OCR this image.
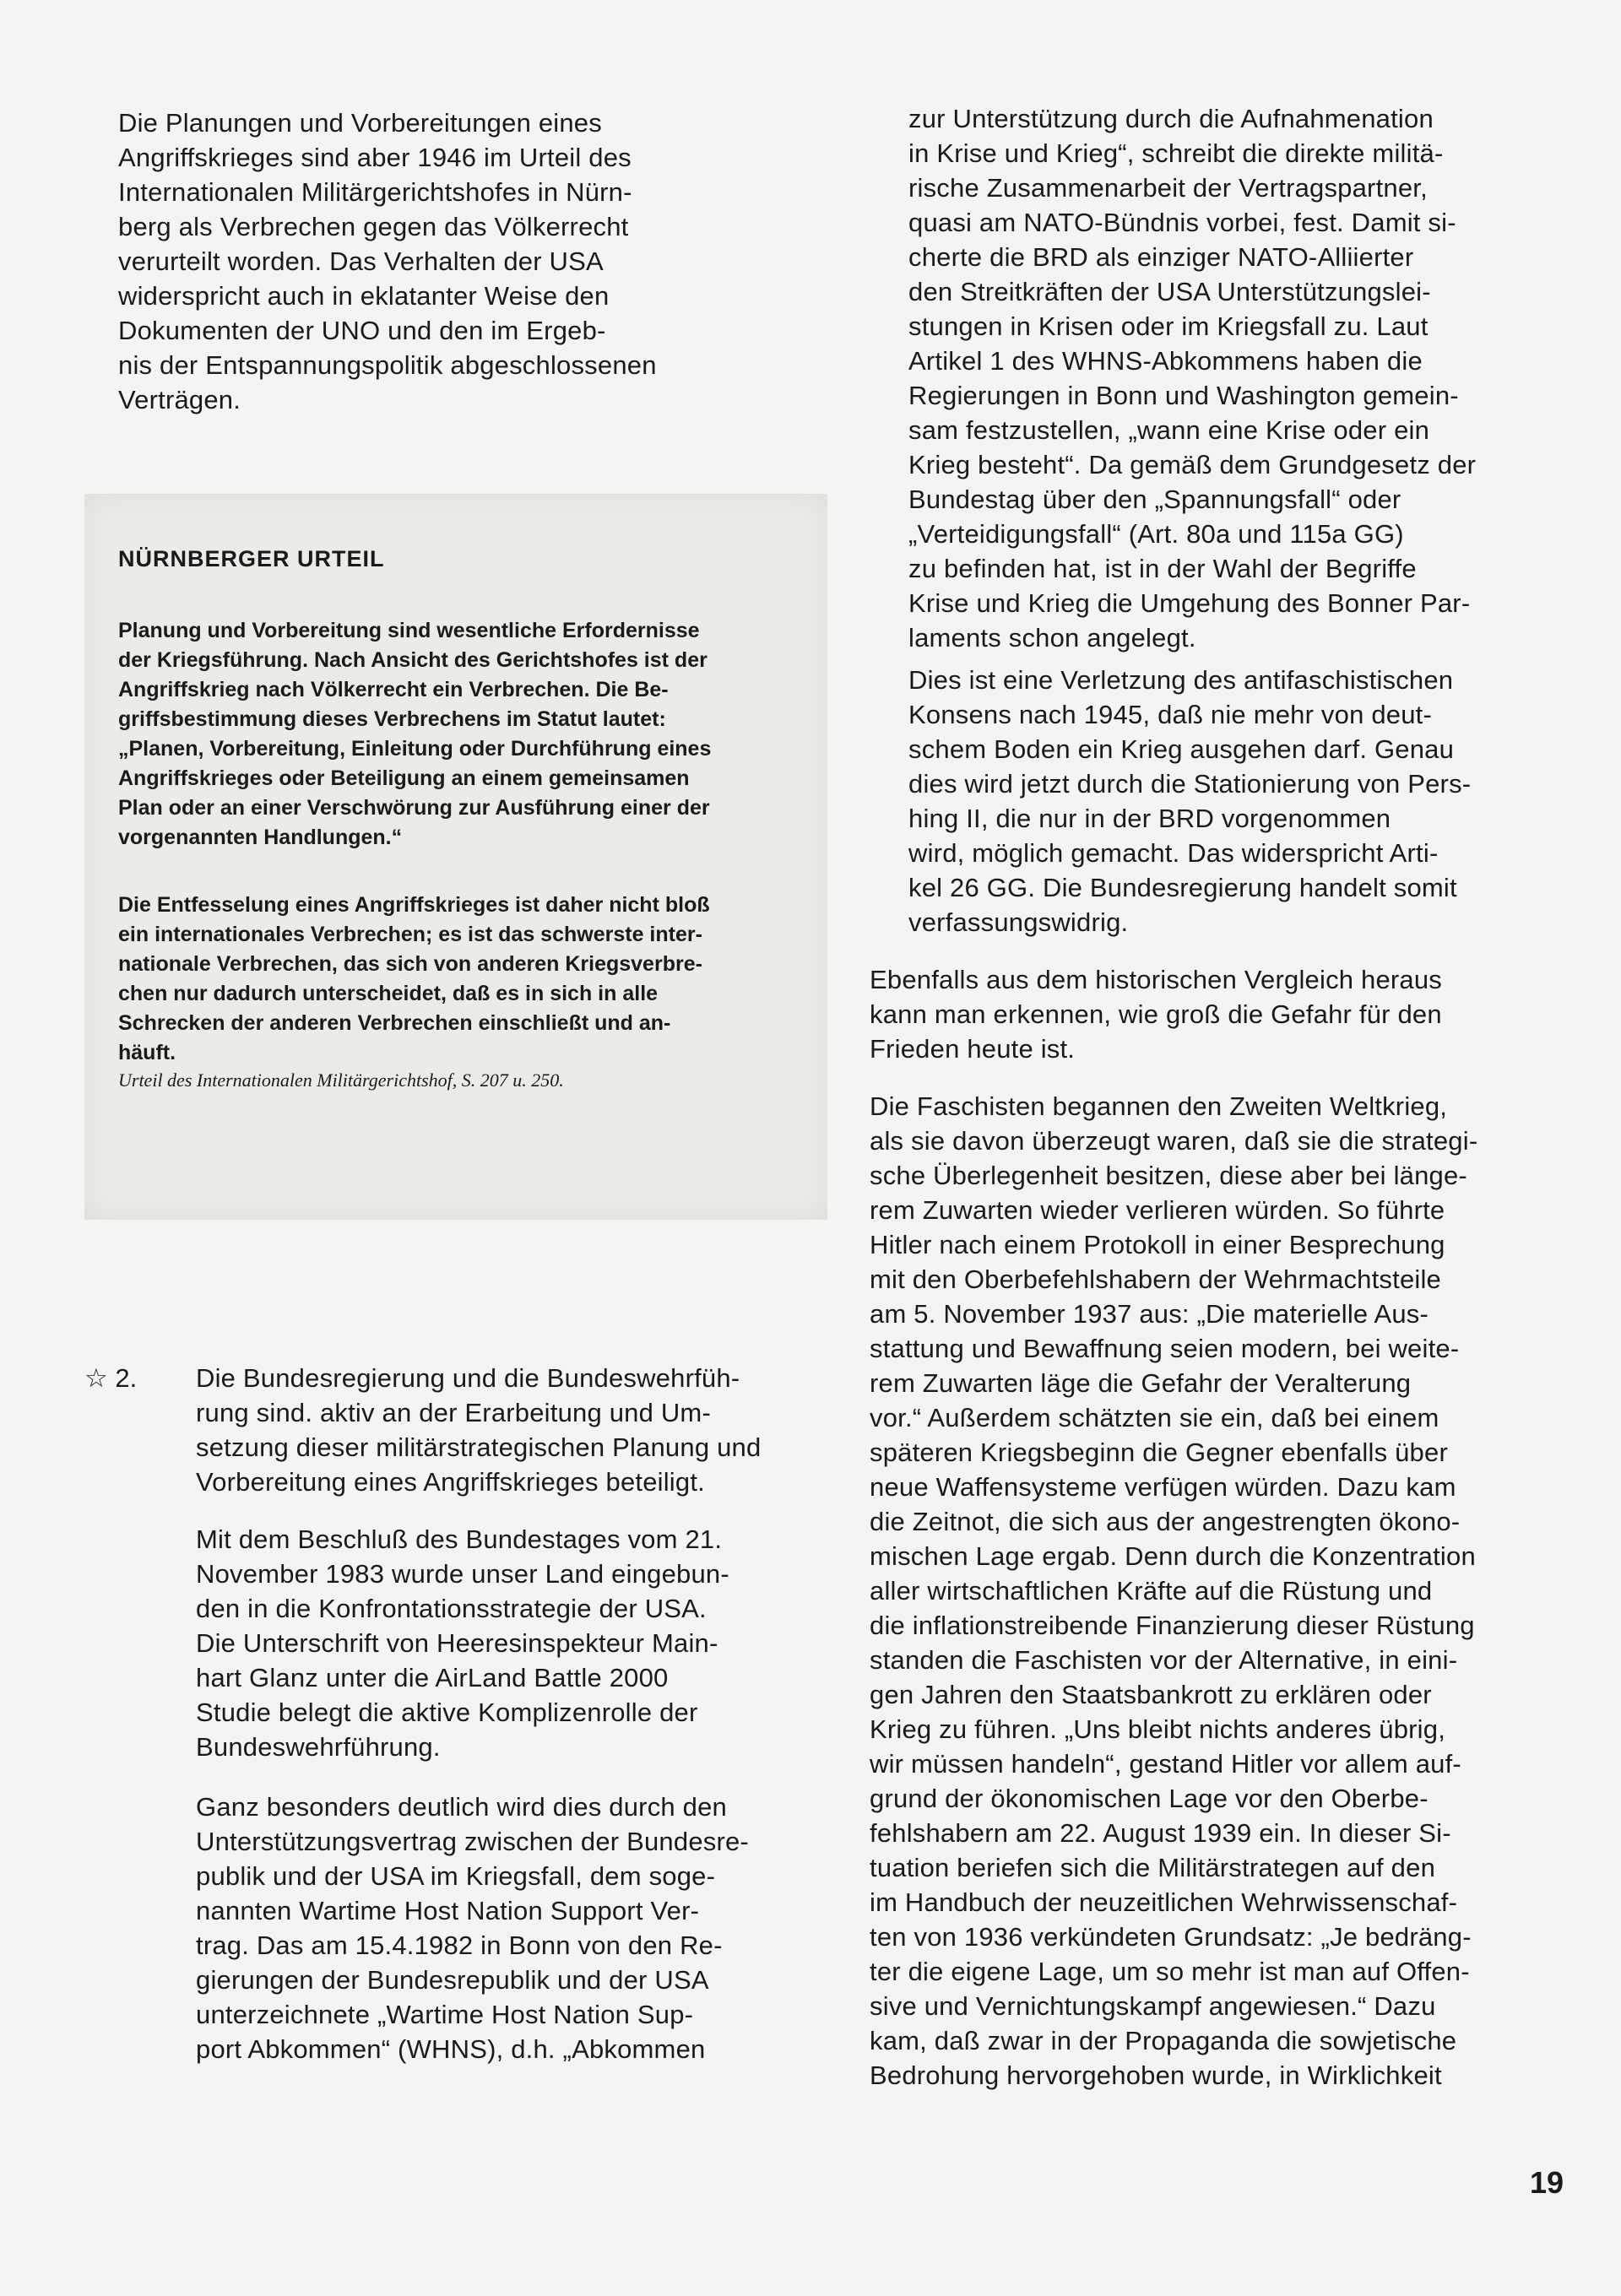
Die Planungen und Vorbereitungen eines
Angriffskrieges sind aber 1946 im Urteil des
Internationalen Militärgerichtshofes in Nürn-
berg als Verbrechen gegen das Völkerrecht
verurteilt worden. Das Verhalten der USA
widerspricht auch in eklatanter Weise den
Dokumenten der UNO und den im Ergeb-
nis der Entspannungspolitik abgeschlossenen
Verträgen.

NÜRNBERGER URTEIL

Planung und Vorbereitung sind wesentliche Erfordernisse
der Kriegsführung. Nach Ansicht des Gerichtshofes ist der
Angriffskrieg nach Völkerrecht ein Verbrechen. Die Be-
griffsbestimmung dieses Verbrechens im Statut lautet:
„Planen, Vorbereitung, Einleitung oder Durchführung eines
Angriffskrieges oder Beteiligung an einem gemeinsamen
Plan oder an einer Verschwörung zur Ausführung einer der
vorgenannten Handlungen.“

Die Entfesselung eines Angriffskrieges ist daher nicht bloß
ein internationales Verbrechen; es ist das schwerste inter-
nationale Verbrechen, das sich von anderen Kriegsverbre-
chen nur dadurch unterscheidet, daß es in sich in alle
Schrecken der anderen Verbrechen einschließt und an-
häuft.

Urteil des Internationalen Militärgerichtshof, S. 207 u. 250.

☆ 2. Die Bundesregierung und die Bundeswehrfüh-
rung sind. aktiv an der Erarbeitung und Um-
setzung dieser militärstrategischen Planung und
Vorbereitung eines Angriffskrieges beteiligt.

Mit dem Beschluß des Bundestages vom 21.
November 1983 wurde unser Land eingebun-
den in die Konfrontationsstrategie der USA.
Die Unterschrift von Heeresinspekteur Main-
hart Glanz unter die AirLand Battle 2000
Studie belegt die aktive Komplizenrolle der
Bundeswehrführung.

Ganz besonders deutlich wird dies durch den
Unterstützungsvertrag zwischen der Bundesre-
publik und der USA im Kriegsfall, dem soge-
nannten Wartime Host Nation Support Ver-
trag. Das am 15.4.1982 in Bonn von den Re-
gierungen der Bundesrepublik und der USA
unterzeichnete „Wartime Host Nation Sup-
port Abkommen“ (WHNS), d.h. „Abkommen

zur Unterstützung durch die Aufnahmenation
in Krise und Krieg“, schreibt die direkte militä-
rische Zusammenarbeit der Vertragspartner,
quasi am NATO-Bündnis vorbei, fest. Damit si-
cherte die BRD als einziger NATO-Alliierter
den Streitkräften der USA Unterstützungslei-
stungen in Krisen oder im Kriegsfall zu. Laut
Artikel 1 des WHNS-Abkommens haben die
Regierungen in Bonn und Washington gemein-
sam festzustellen, „wann eine Krise oder ein
Krieg besteht“. Da gemäß dem Grundgesetz der
Bundestag über den „Spannungsfall“ oder
„Verteidigungsfall“ (Art. 80a und 115a GG)
zu befinden hat, ist in der Wahl der Begriffe
Krise und Krieg die Umgehung des Bonner Par-
laments schon angelegt.

Dies ist eine Verletzung des antifaschistischen
Konsens nach 1945, daß nie mehr von deut-
schem Boden ein Krieg ausgehen darf. Genau
dies wird jetzt durch die Stationierung von Pers-
hing II, die nur in der BRD vorgenommen
wird, möglich gemacht. Das widerspricht Arti-
kel 26 GG. Die Bundesregierung handelt somit
verfassungswidrig.

Ebenfalls aus dem historischen Vergleich heraus
kann man erkennen, wie groß die Gefahr für den
Frieden heute ist.

Die Faschisten begannen den Zweiten Weltkrieg,
als sie davon überzeugt waren, daß sie die strategi-
sche Überlegenheit besitzen, diese aber bei länge-
rem Zuwarten wieder verlieren würden. So führte
Hitler nach einem Protokoll in einer Besprechung
mit den Oberbefehlshabern der Wehrmachtsteile
am 5. November 1937 aus: „Die materielle Aus-
stattung und Bewaffnung seien modern, bei weite-
rem Zuwarten läge die Gefahr der Veralterung
vor.“ Außerdem schätzten sie ein, daß bei einem
späteren Kriegsbeginn die Gegner ebenfalls über
neue Waffensysteme verfügen würden. Dazu kam
die Zeitnot, die sich aus der angestrengten ökono-
mischen Lage ergab. Denn durch die Konzentration
aller wirtschaftlichen Kräfte auf die Rüstung und
die inflationstreibende Finanzierung dieser Rüstung
standen die Faschisten vor der Alternative, in eini-
gen Jahren den Staatsbankrott zu erklären oder
Krieg zu führen. „Uns bleibt nichts anderes übrig,
wir müssen handeln“, gestand Hitler vor allem auf-
grund der ökonomischen Lage vor den Oberbe-
fehlshabern am 22. August 1939 ein. In dieser Si-
tuation beriefen sich die Militärstrategen auf den
im Handbuch der neuzeitlichen Wehrwissenschaf-
ten von 1936 verkündeten Grundsatz: „Je bedräng-
ter die eigene Lage, um so mehr ist man auf Offen-
sive und Vernichtungskampf angewiesen.“ Dazu
kam, daß zwar in der Propaganda die sowjetische
Bedrohung hervorgehoben wurde, in Wirklichkeit

19
